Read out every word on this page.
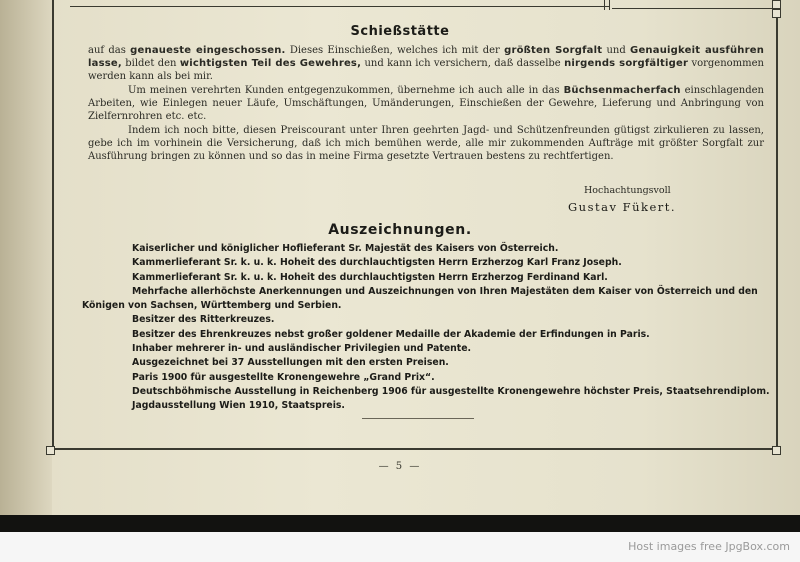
Schießstätte
auf das genaueste eingeschossen. Dieses Einschießen, welches ich mit der größten Sorgfalt und Genauigkeit ausführen lasse, bildet den wichtigsten Teil des Gewehres, und kann ich versichern, daß dasselbe nirgends sorgfältiger vorgenommen werden kann als bei mir.
Um meinen verehrten Kunden entgegenzukommen, übernehme ich auch alle in das Büchsenmacherfach einschlagenden Arbeiten, wie Einlegen neuer Läufe, Umschäftungen, Umänderungen, Einschießen der Gewehre, Lieferung und Anbringung von Zielfernrohren etc. etc.
Indem ich noch bitte, diesen Preiscourant unter Ihren geehrten Jagd- und Schützenfreunden gütigst zirkulieren zu lassen, gebe ich im vorhinein die Versicherung, daß ich mich bemühen werde, alle mir zukommenden Aufträge mit größter Sorgfalt zur Ausführung bringen zu können und so das in meine Firma gesetzte Vertrauen bestens zu rechtfertigen.
Hochachtungsvoll
Gustav Fükert.
Auszeichnungen.
Kaiserlicher und königlicher Hoflieferant Sr. Majestät des Kaisers von Österreich.
Kammerlieferant Sr. k. u. k. Hoheit des durchlauchtigsten Herrn Erzherzog Karl Franz Joseph.
Kammerlieferant Sr. k. u. k. Hoheit des durchlauchtigsten Herrn Erzherzog Ferdinand Karl.
Mehrfache allerhöchste Anerkennungen und Auszeichnungen von Ihren Majestäten dem Kaiser von Österreich und den Königen von Sachsen, Württemberg und Serbien.
Besitzer des Ritterkreuzes.
Besitzer des Ehrenkreuzes nebst großer goldener Medaille der Akademie der Erfindungen in Paris.
Inhaber mehrerer in- und ausländischer Privilegien und Patente.
Ausgezeichnet bei 37 Ausstellungen mit den ersten Preisen.
Paris 1900 für ausgestellte Kronengewehre „Grand Prix“.
Deutschböhmische Ausstellung in Reichenberg 1906 für ausgestellte Kronengewehre höchster Preis, Staatsehrendiplom.
Jagdausstellung Wien 1910, Staatspreis.
— 5 —
Host images free JpgBox.com
